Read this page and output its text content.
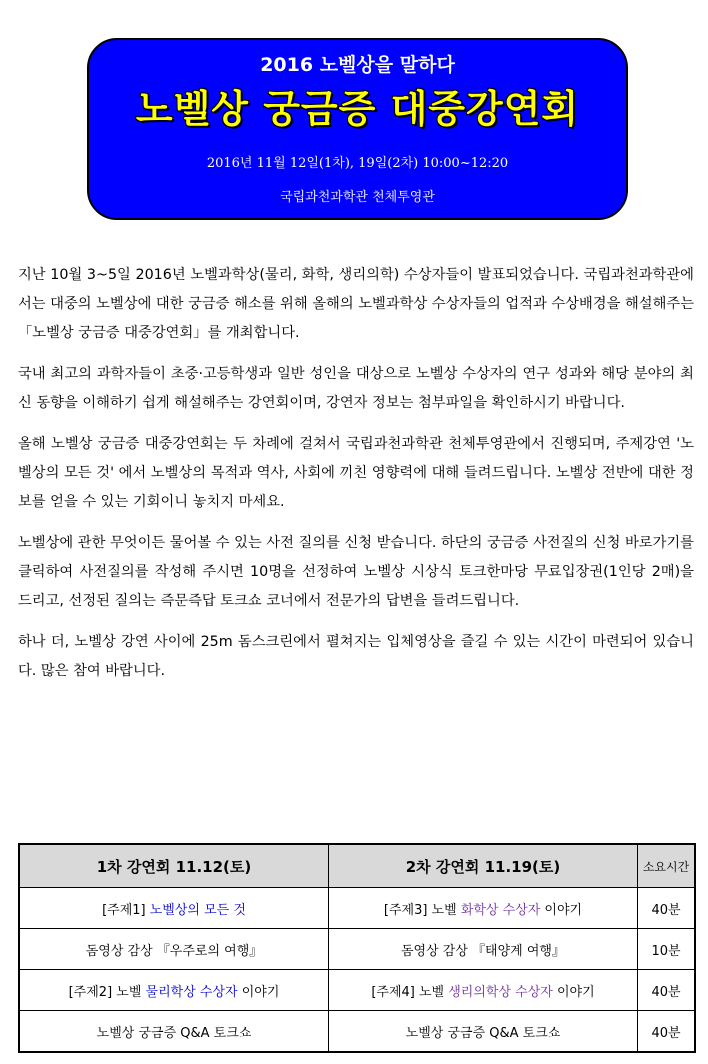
2016 노벨상을 말하다
노벨상 궁금증 대중강연회
2016년 11월 12일(1차), 19일(2차) 10:00~12:20
국립과천과학관 천체투영관

지난 10월 3~5일 2016년 노벨과학상(물리, 화학, 생리의학) 수상자들이 발표되었습니다. 국립과천과학관에서는 대중의 노벨상에 대한 궁금증 해소를 위해 올해의 노벨과학상 수상자들의 업적과 수상배경을 해설해주는 「노벨상 궁금증 대중강연회」를 개최합니다.

국내 최고의 과학자들이 초중·고등학생과 일반 성인을 대상으로 노벨상 수상자의 연구 성과와 해당 분야의 최신 동향을 이해하기 쉽게 해설해주는 강연회이며, 강연자 정보는 첨부파일을 확인하시기 바랍니다.

올해 노벨상 궁금증 대중강연회는 두 차례에 걸쳐서 국립과천과학관 천체투영관에서 진행되며, 주제강연 '노벨상의 모든 것' 에서 노벨상의 목적과 역사, 사회에 끼친 영향력에 대해 들려드립니다. 노벨상 전반에 대한 정보를 얻을 수 있는 기회이니 놓치지 마세요.

노벨상에 관한 무엇이든 물어볼 수 있는 사전 질의를 신청 받습니다. 하단의 궁금증 사전질의 신청 바로가기를 클릭하여 사전질의를 작성해 주시면 10명을 선정하여 노벨상 시상식 토크한마당 무료입장권(1인당 2매)을 드리고, 선정된 질의는 즉문즉답 토크쇼 코너에서 전문가의 답변을 들려드립니다.

하나 더, 노벨상 강연 사이에 25m 돔스크린에서 펼쳐지는 입체영상을 즐길 수 있는 시간이 마련되어 있습니다. 많은 참여 바랍니다.

1차 강연회 11.12(토)	2차 강연회 11.19(토)	소요시간
[주제1] 노벨상의 모든 것	[주제3] 노벨 화학상 수상자 이야기	40분
돔영상 감상 『우주로의 여행』	돔영상 감상 『태양계 여행』	10분
[주제2] 노벨 물리학상 수상자 이야기	[주제4] 노벨 생리의학상 수상자 이야기	40분
노벨상 궁금증 Q&A 토크쇼	노벨상 궁금증 Q&A 토크쇼	40분
